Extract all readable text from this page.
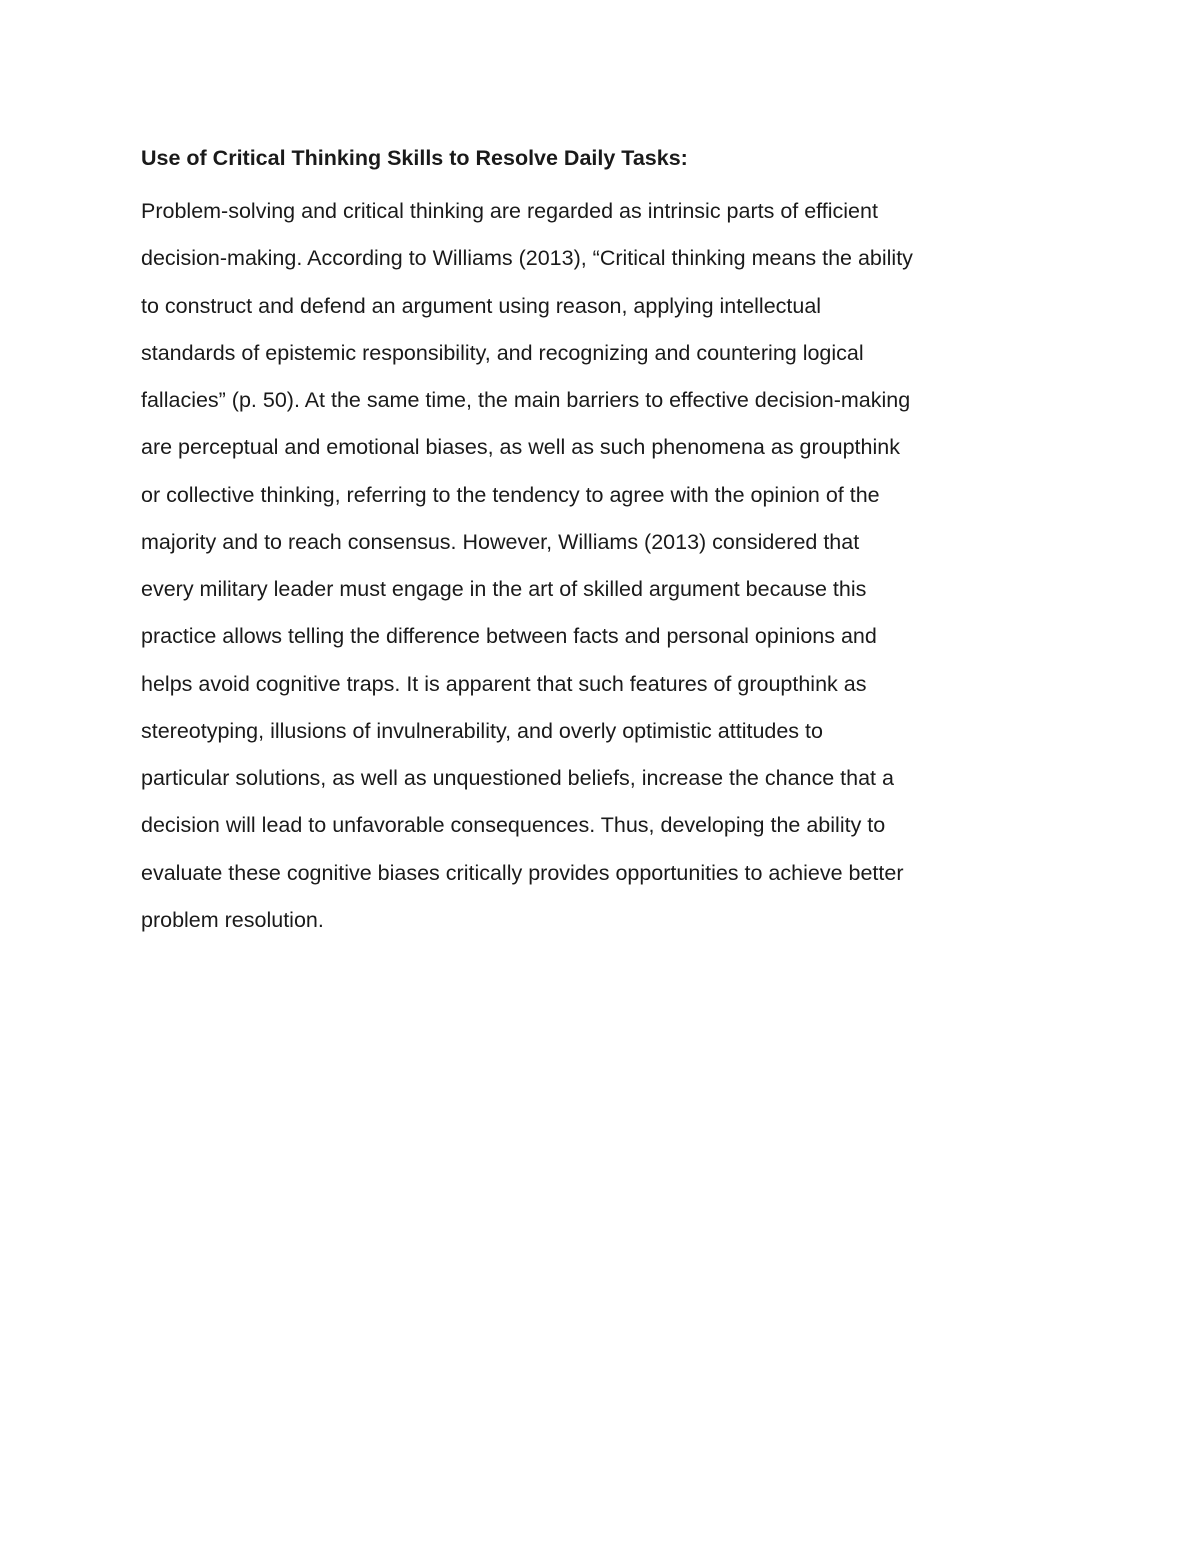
Use of Critical Thinking Skills to Resolve Daily Tasks:
Problem-solving and critical thinking are regarded as intrinsic parts of efficient
decision-making. According to Williams (2013), “Critical thinking means the ability
to construct and defend an argument using reason, applying intellectual
standards of epistemic responsibility, and recognizing and countering logical
fallacies” (p. 50). At the same time, the main barriers to effective decision-making
are perceptual and emotional biases, as well as such phenomena as groupthink
or collective thinking, referring to the tendency to agree with the opinion of the
majority and to reach consensus. However, Williams (2013) considered that
every military leader must engage in the art of skilled argument because this
practice allows telling the difference between facts and personal opinions and
helps avoid cognitive traps. It is apparent that such features of groupthink as
stereotyping, illusions of invulnerability, and overly optimistic attitudes to
particular solutions, as well as unquestioned beliefs, increase the chance that a
decision will lead to unfavorable consequences. Thus, developing the ability to
evaluate these cognitive biases critically provides opportunities to achieve better
problem resolution.
